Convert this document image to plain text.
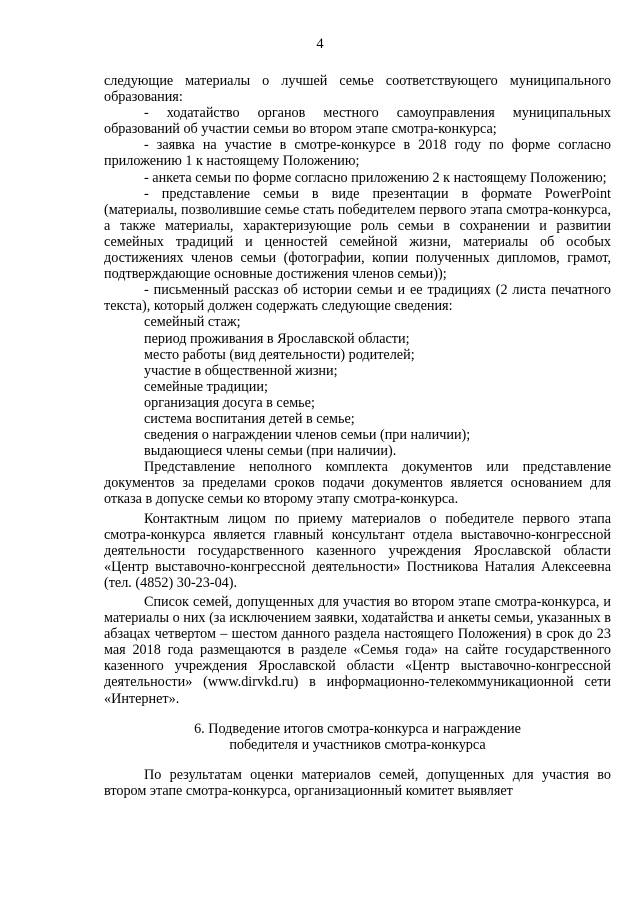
4

следующие материалы о лучшей семье соответствующего муниципального образования:

- ходатайство органов местного самоуправления муниципальных образований об участии семьи во втором этапе смотра-конкурса;

- заявка на участие в смотре-конкурсе в 2018 году по форме согласно приложению 1 к настоящему Положению;

- анкета семьи по форме согласно приложению 2 к настоящему Положению;

- представление семьи в виде презентации в формате PowerPoint (материалы, позволившие семье стать победителем первого этапа смотра-конкурса, а также материалы, характеризующие роль семьи в сохранении и развитии семейных традиций и ценностей семейной жизни, материалы об особых достижениях членов семьи (фотографии, копии полученных дипломов, грамот, подтверждающие основные достижения членов семьи));

- письменный рассказ об истории семьи и ее традициях (2 листа печатного текста), который должен содержать следующие сведения:

семейный стаж;

период проживания в Ярославской области;

место работы (вид деятельности) родителей;

участие в общественной жизни;

семейные традиции;

организация досуга в семье;

система воспитания детей в семье;

сведения о награждении членов семьи (при наличии);

выдающиеся члены семьи (при наличии).

Представление неполного комплекта документов или представление документов за пределами сроков подачи документов является основанием для отказа в допуске семьи ко второму этапу смотра-конкурса.

Контактным лицом по приему материалов о победителе первого этапа смотра-конкурса является главный консультант отдела выставочно-конгрессной деятельности государственного казенного учреждения Ярославской области «Центр выставочно-конгрессной деятельности» Постникова Наталия Алексеевна (тел. (4852) 30-23-04).

Список семей, допущенных для участия во втором этапе смотра-конкурса, и материалы о них (за исключением заявки, ходатайства и анкеты семьи, указанных в абзацах четвертом – шестом данного раздела настоящего Положения) в срок до 23 мая 2018 года размещаются в разделе «Семья года» на сайте государственного казенного учреждения Ярославской области «Центр выставочно-конгрессной деятельности» (www.dirvkd.ru) в информационно-телекоммуникационной сети «Интернет».

6. Подведение итогов смотра-конкурса и награждение
победителя и участников смотра-конкурса

По результатам оценки материалов семей, допущенных для участия во втором этапе смотра-конкурса, организационный комитет выявляет
